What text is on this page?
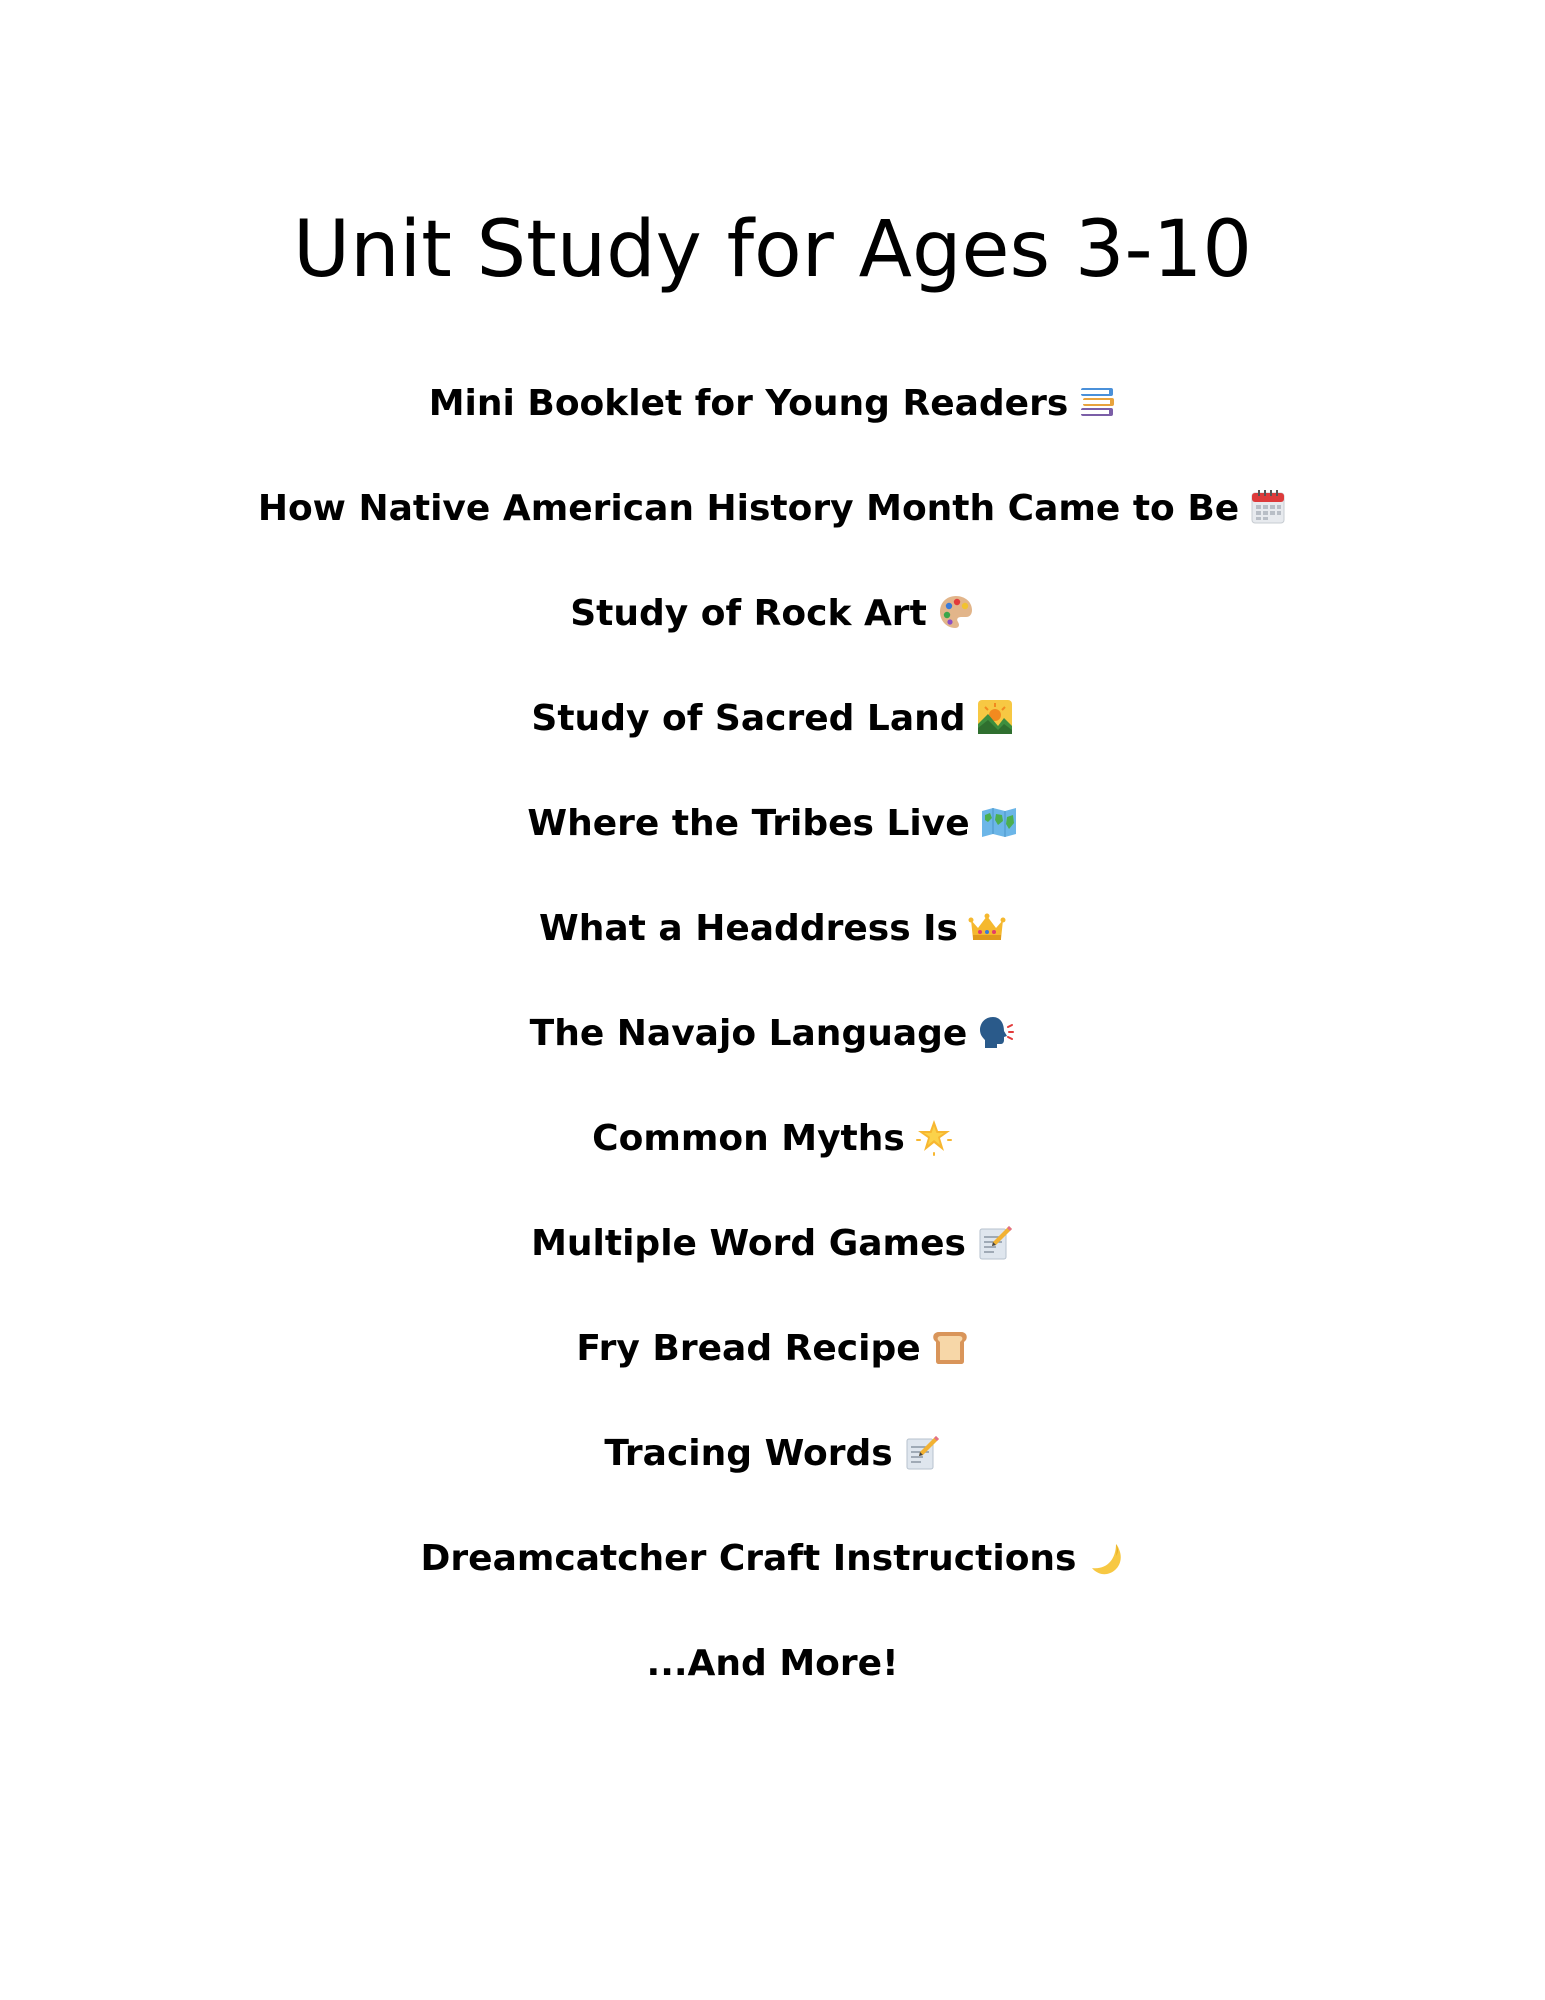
Unit Study for Ages 3-10
Mini Booklet for Young Readers
How Native American History Month Came to Be
Study of Rock Art
Study of Sacred Land
Where the Tribes Live
What a Headdress Is
The Navajo Language
Common Myths
Multiple Word Games
Fry Bread Recipe
Tracing Words
Dreamcatcher Craft Instructions
...And More!
